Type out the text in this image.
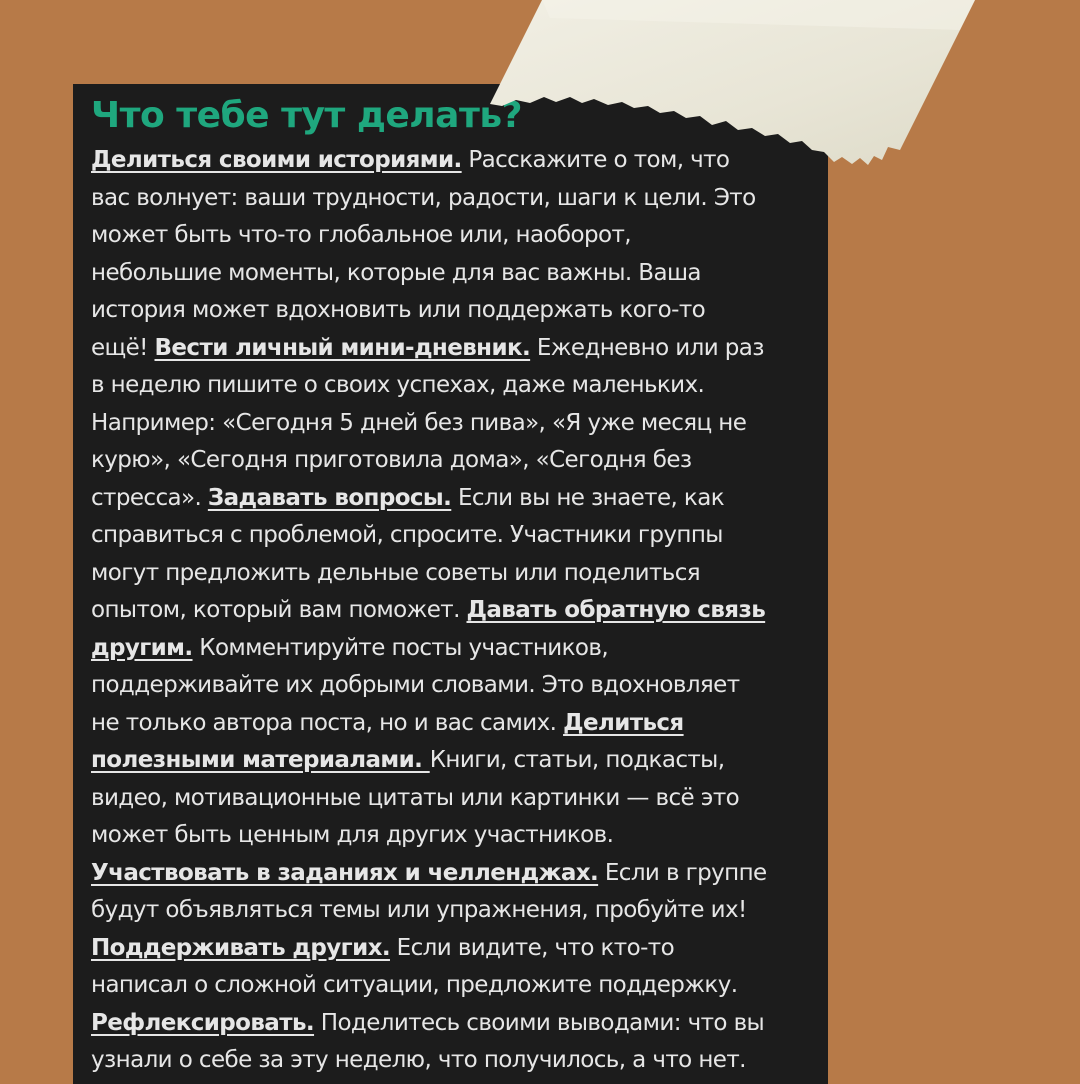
Что тебе тут делать?
Делиться своими историями. Расскажите о том, что
вас волнует: ваши трудности, радости, шаги к цели. Это
может быть что-то глобальное или, наоборот,
небольшие моменты, которые для вас важны. Ваша
история может вдохновить или поддержать кого-то
ещё! Вести личный мини-дневник. Ежедневно или раз
в неделю пишите о своих успехах, даже маленьких.
Например: «Сегодня 5 дней без пива», «Я уже месяц не
курю», «Сегодня приготовила дома», «Сегодня без
стресса». Задавать вопросы. Если вы не знаете, как
справиться с проблемой, спросите. Участники группы
могут предложить дельные советы или поделиться
опытом, который вам поможет. Давать обратную связь
другим. Комментируйте посты участников,
поддерживайте их добрыми словами. Это вдохновляет
не только автора поста, но и вас самих. Делиться
полезными материалами. Книги, статьи, подкасты,
видео, мотивационные цитаты или картинки — всё это
может быть ценным для других участников.
Участвовать в заданиях и челленджах. Если в группе
будут объявляться темы или упражнения, пробуйте их!
Поддерживать других. Если видите, что кто-то
написал о сложной ситуации, предложите поддержку.
Рефлексировать. Поделитесь своими выводами: что вы
узнали о себе за эту неделю, что получилось, а что нет.
